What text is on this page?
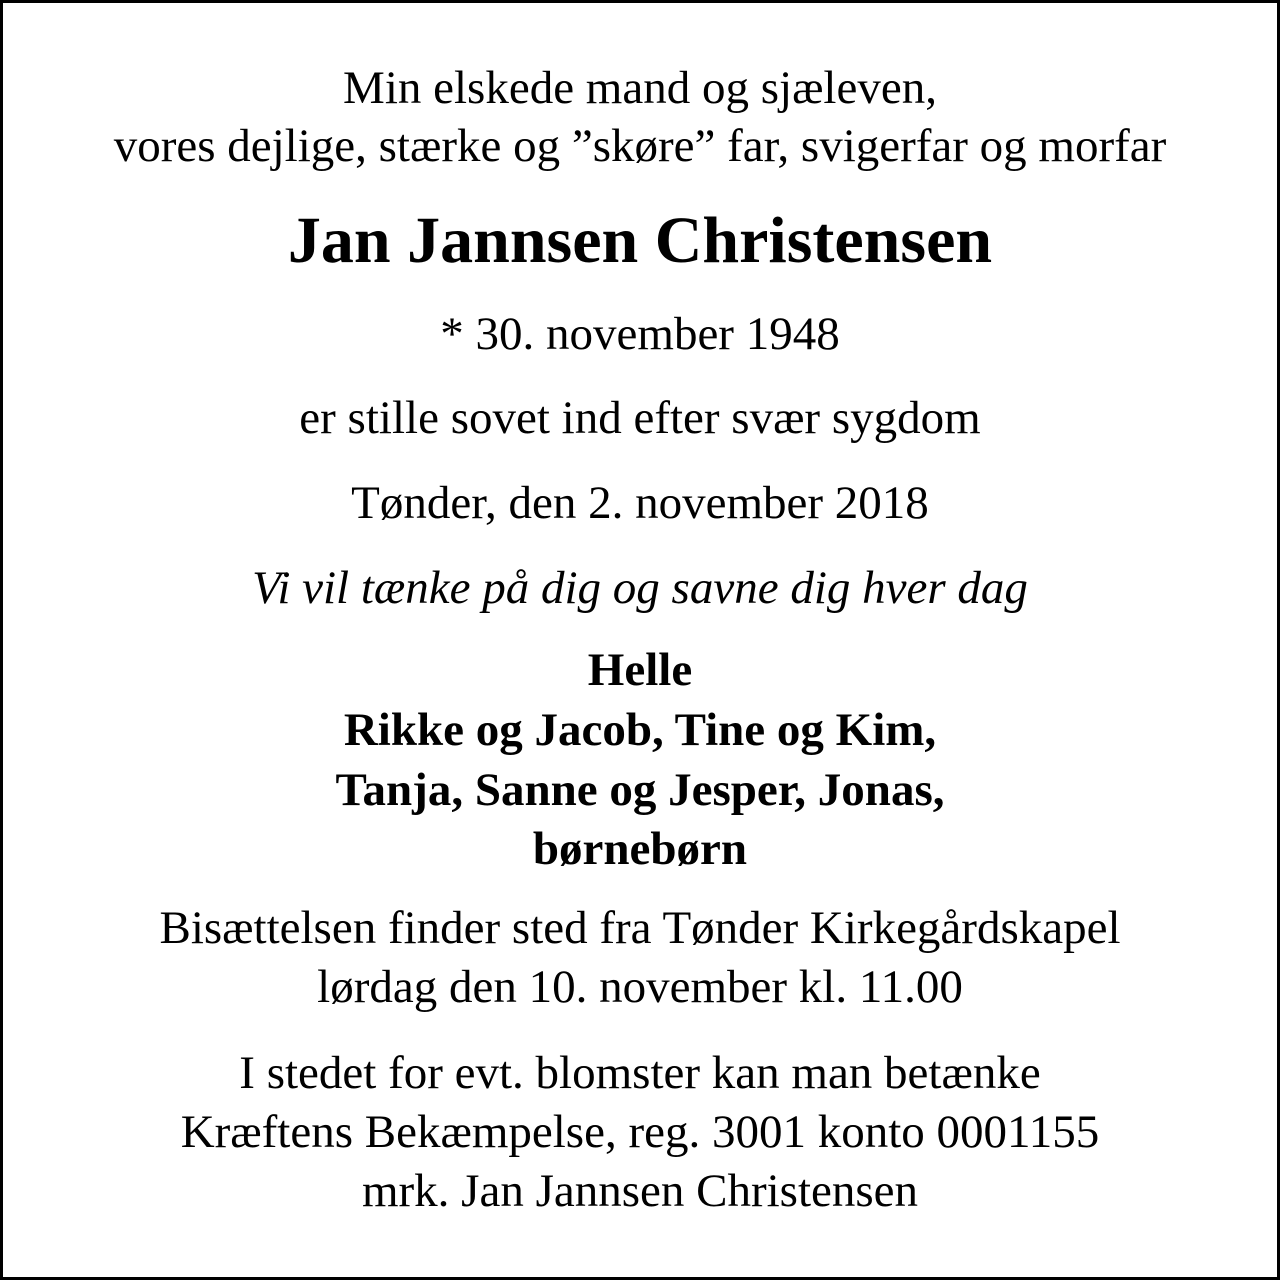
Min elskede mand og sjæleven,
vores dejlige, stærke og ”skøre” far, svigerfar og morfar
Jan Jannsen Christensen
* 30. november 1948
er stille sovet ind efter svær sygdom
Tønder, den 2. november 2018
Vi vil tænke på dig og savne dig hver dag
Helle
Rikke og Jacob, Tine og Kim,
Tanja, Sanne og Jesper, Jonas,
børnebørn
Bisættelsen finder sted fra Tønder Kirkegårdskapel
lørdag den 10. november kl. 11.00
I stedet for evt. blomster kan man betænke
Kræftens Bekæmpelse, reg. 3001 konto 0001155
mrk. Jan Jannsen Christensen
